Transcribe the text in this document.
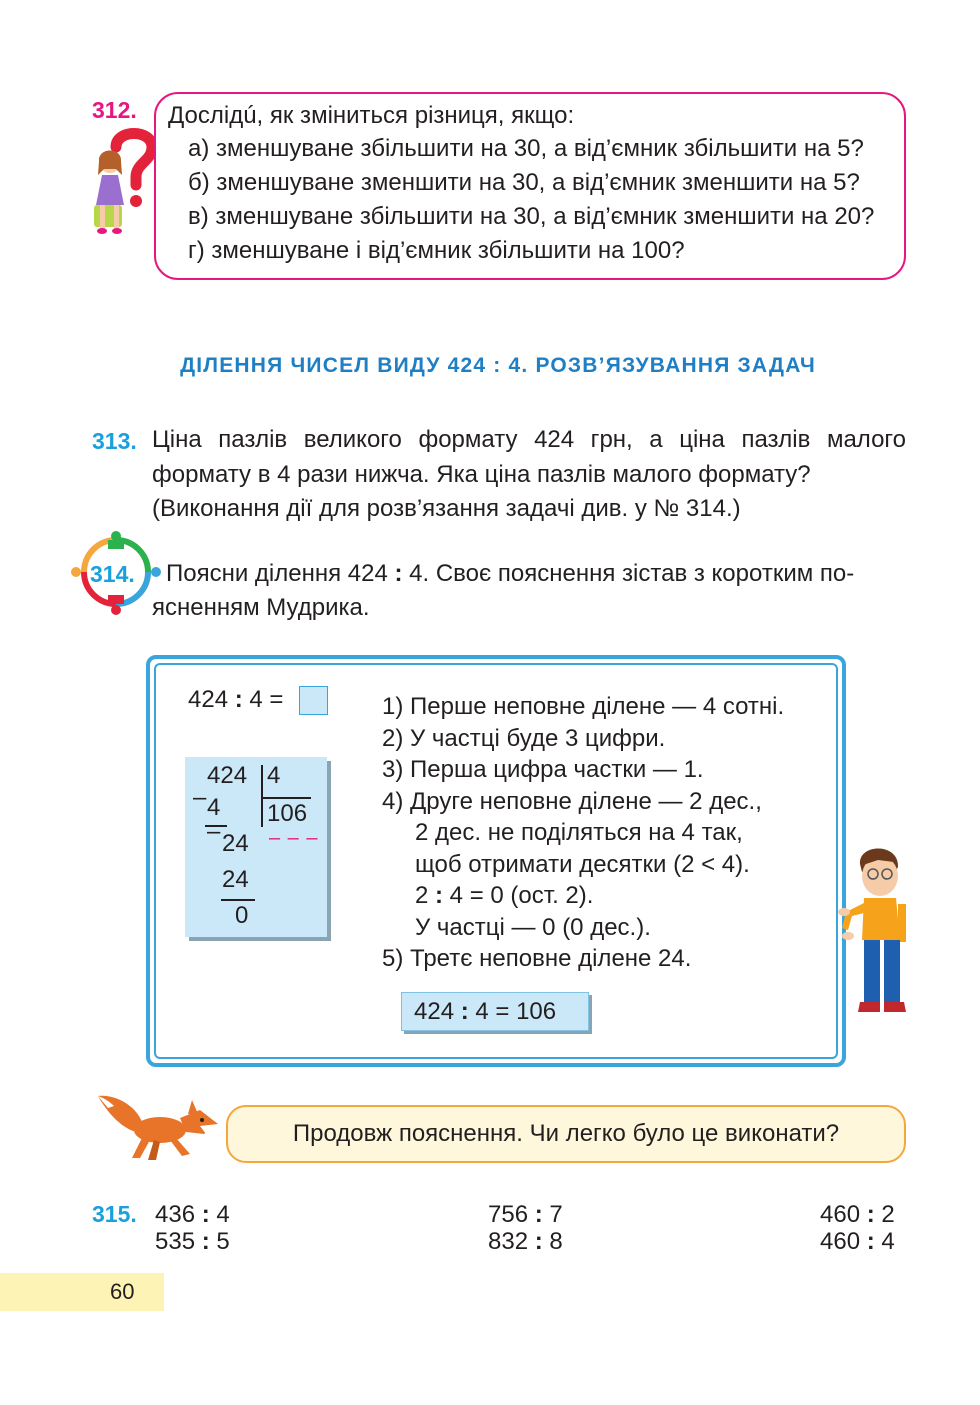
312. Дослідú, як зміниться різниця, якщо:
а) зменшуване збільшити на 30, а від’ємник збільшити на 5?
б) зменшуване зменшити на 30, а від’ємник зменшити на 5?
в) зменшуване збільшити на 30, а від’ємник зменшити на 20?
г) зменшуване і від’ємник збільшити на 100?
ДІЛЕННЯ ЧИСЕЛ ВИДУ 424 : 4. РОЗВ’ЯЗУВАННЯ ЗАДАЧ
313. Ціна пазлів великого формату 424 грн, а ціна пазлів малого
формату в 4 рази нижча. Яка ціна пазлів малого формату?
(Виконання дії для розв’язання задачі див. у № 314.)
314. Поясни ділення 424 : 4. Своє пояснення зістав з коротким по-
ясненням Мудрика.
424 : 4 =
424 4
106
– – –
– 4
– 24
24
0
1) Перше неповне ділене — 4 сотні.
2) У частці буде 3 цифри.
3) Перша цифра частки — 1.
4) Друге неповне ділене — 2 дес.,
2 дес. не поділяться на 4 так,
щоб отримати десятки (2 < 4).
2 : 4 = 0 (ост. 2).
У частці — 0 (0 дес.).
5) Третє неповне ділене 24.
424 : 4 = 106
Продовж пояснення. Чи легко було це виконати?
315. 436 : 4
535 : 5
756 : 7
832 : 8
460 : 2
460 : 4
60
